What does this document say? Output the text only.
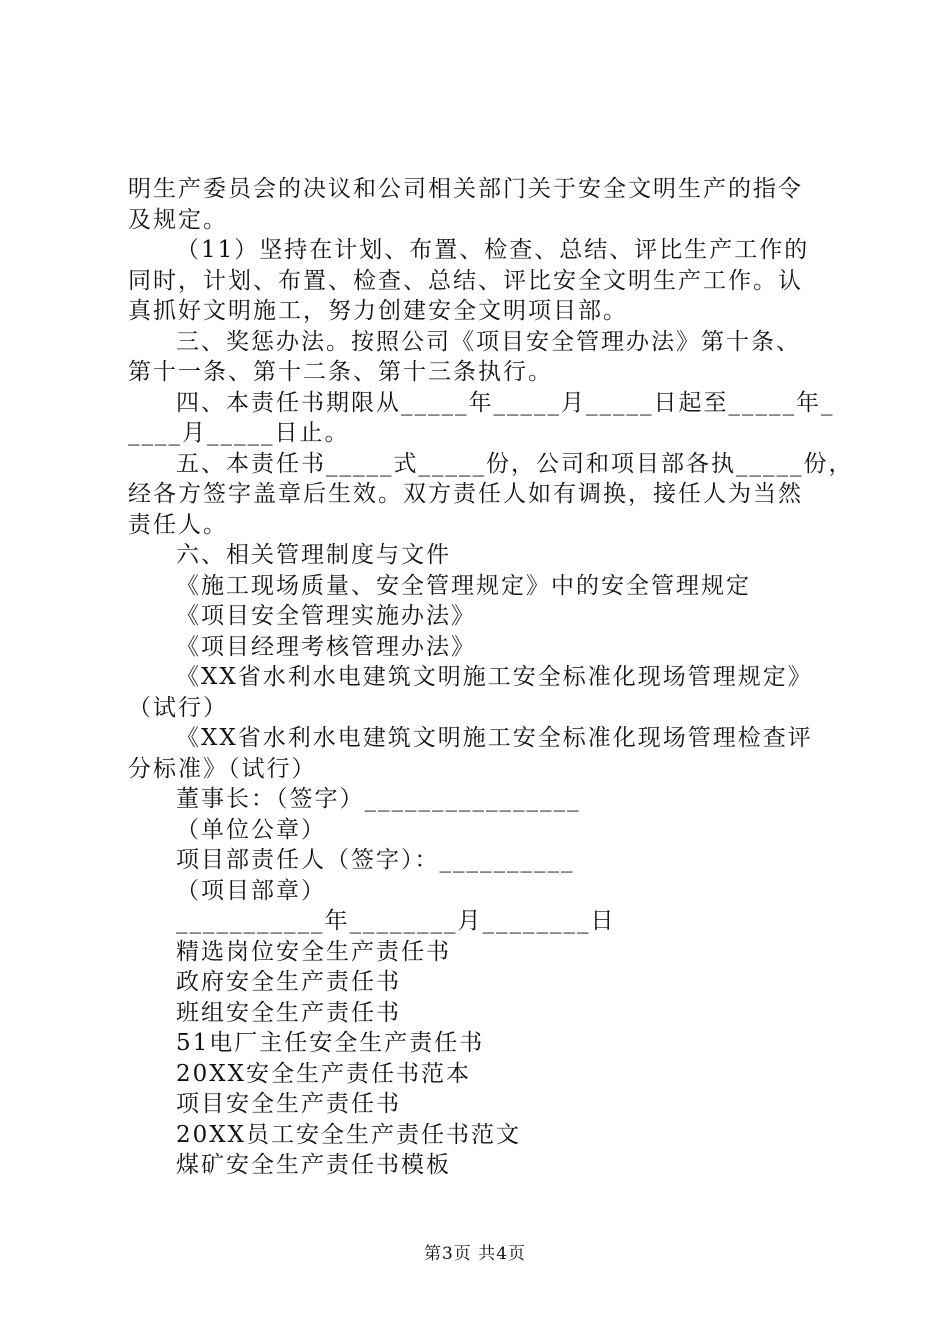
明生产委员会的决议和公司相关部门关于安全文明生产的指令
及规定。
（11）坚持在计划、布置、检查、总结、评比生产工作的
同时，计划、布置、检查、总结、评比安全文明生产工作。认
真抓好文明施工，努力创建安全文明项目部。
三、奖惩办法。按照公司《项目安全管理办法》第十条、
第十一条、第十二条、第十三条执行。
四、本责任书期限从_____年_____月_____日起至_____年_
____月_____日止。
五、本责任书_____式_____份，公司和项目部各执_____份，
经各方签字盖章后生效。双方责任人如有调换，接任人为当然
责任人。
六、相关管理制度与文件
《施工现场质量、安全管理规定》中的安全管理规定
《项目安全管理实施办法》
《项目经理考核管理办法》
《XX省水利水电建筑文明施工安全标准化现场管理规定》
（试行）
《XX省水利水电建筑文明施工安全标准化现场管理检查评
分标准》（试行）
董事长：（签字）________________
（单位公章）
项目部责任人（签字）：__________
（项目部章）
___________年________月________日
精选岗位安全生产责任书
政府安全生产责任书
班组安全生产责任书
51电厂主任安全生产责任书
20XX安全生产责任书范本
项目安全生产责任书
20XX员工安全生产责任书范文
煤矿安全生产责任书模板
第3页 共4页
